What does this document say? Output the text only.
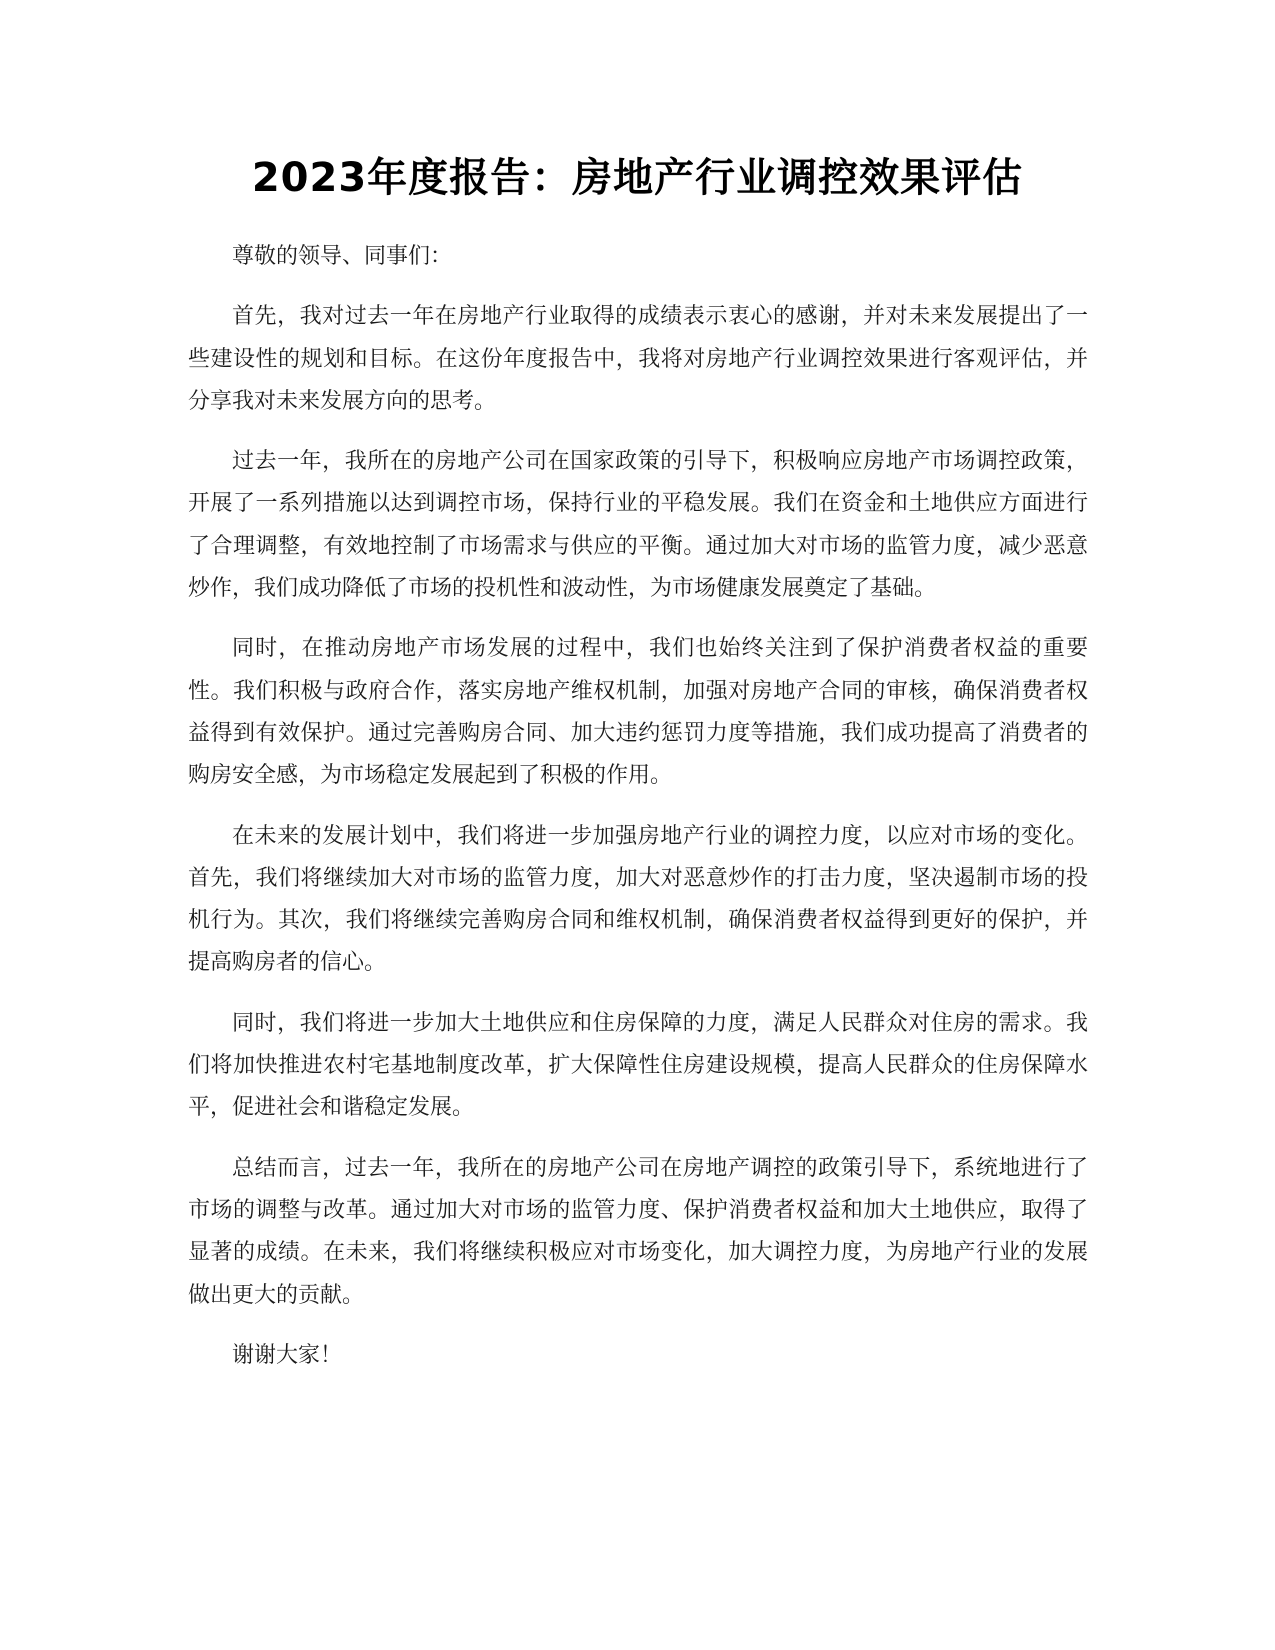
2023年度报告：房地产行业调控效果评估

尊敬的领导、同事们：

首先，我对过去一年在房地产行业取得的成绩表示衷心的感谢，并对未来发展提出了一些建设性的规划和目标。在这份年度报告中，我将对房地产行业调控效果进行客观评估，并分享我对未来发展方向的思考。

过去一年，我所在的房地产公司在国家政策的引导下，积极响应房地产市场调控政策，开展了一系列措施以达到调控市场，保持行业的平稳发展。我们在资金和土地供应方面进行了合理调整，有效地控制了市场需求与供应的平衡。通过加大对市场的监管力度，减少恶意炒作，我们成功降低了市场的投机性和波动性，为市场健康发展奠定了基础。

同时，在推动房地产市场发展的过程中，我们也始终关注到了保护消费者权益的重要性。我们积极与政府合作，落实房地产维权机制，加强对房地产合同的审核，确保消费者权益得到有效保护。通过完善购房合同、加大违约惩罚力度等措施，我们成功提高了消费者的购房安全感，为市场稳定发展起到了积极的作用。

在未来的发展计划中，我们将进一步加强房地产行业的调控力度，以应对市场的变化。首先，我们将继续加大对市场的监管力度，加大对恶意炒作的打击力度，坚决遏制市场的投机行为。其次，我们将继续完善购房合同和维权机制，确保消费者权益得到更好的保护，并提高购房者的信心。

同时，我们将进一步加大土地供应和住房保障的力度，满足人民群众对住房的需求。我们将加快推进农村宅基地制度改革，扩大保障性住房建设规模，提高人民群众的住房保障水平，促进社会和谐稳定发展。

总结而言，过去一年，我所在的房地产公司在房地产调控的政策引导下，系统地进行了市场的调整与改革。通过加大对市场的监管力度、保护消费者权益和加大土地供应，取得了显著的成绩。在未来，我们将继续积极应对市场变化，加大调控力度，为房地产行业的发展做出更大的贡献。

谢谢大家！
